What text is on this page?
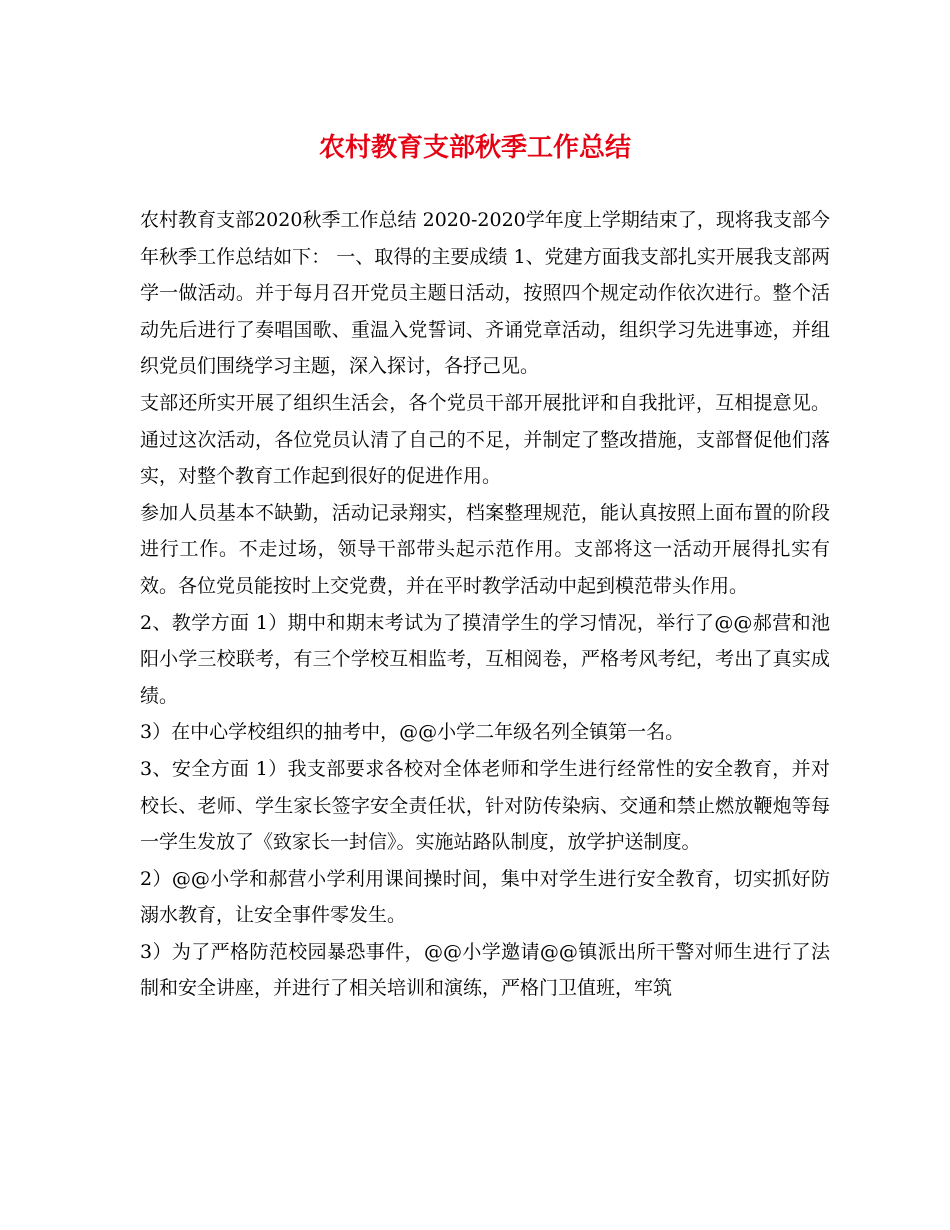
农村教育支部秋季工作总结

农村教育支部2020秋季工作总结 2020-2020学年度上学期结束了，现将我支部今年秋季工作总结如下： 一、取得的主要成绩 1、党建方面我支部扎实开展我支部两学一做活动。并于每月召开党员主题日活动，按照四个规定动作依次进行。整个活动先后进行了奏唱国歌、重温入党誓词、齐诵党章活动，组织学习先进事迹，并组织党员们围绕学习主题，深入探讨，各抒己见。

支部还所实开展了组织生活会，各个党员干部开展批评和自我批评，互相提意见。通过这次活动，各位党员认清了自己的不足，并制定了整改措施，支部督促他们落实，对整个教育工作起到很好的促进作用。

参加人员基本不缺勤，活动记录翔实，档案整理规范，能认真按照上面布置的阶段进行工作。不走过场，领导干部带头起示范作用。支部将这一活动开展得扎实有效。各位党员能按时上交党费，并在平时教学活动中起到模范带头作用。

2、教学方面 1）期中和期末考试为了摸清学生的学习情况，举行了@@郝营和池阳小学三校联考，有三个学校互相监考，互相阅卷，严格考风考纪，考出了真实成绩。

3）在中心学校组织的抽考中，@@小学二年级名列全镇第一名。

3、安全方面 1）我支部要求各校对全体老师和学生进行经常性的安全教育，并对校长、老师、学生家长签字安全责任状，针对防传染病、交通和禁止燃放鞭炮等每一学生发放了《致家长一封信》。实施站路队制度，放学护送制度。

2）@@小学和郝营小学利用课间操时间，集中对学生进行安全教育，切实抓好防溺水教育，让安全事件零发生。

3）为了严格防范校园暴恐事件，@@小学邀请@@镇派出所干警对师生进行了法制和安全讲座，并进行了相关培训和演练，严格门卫值班，牢筑
